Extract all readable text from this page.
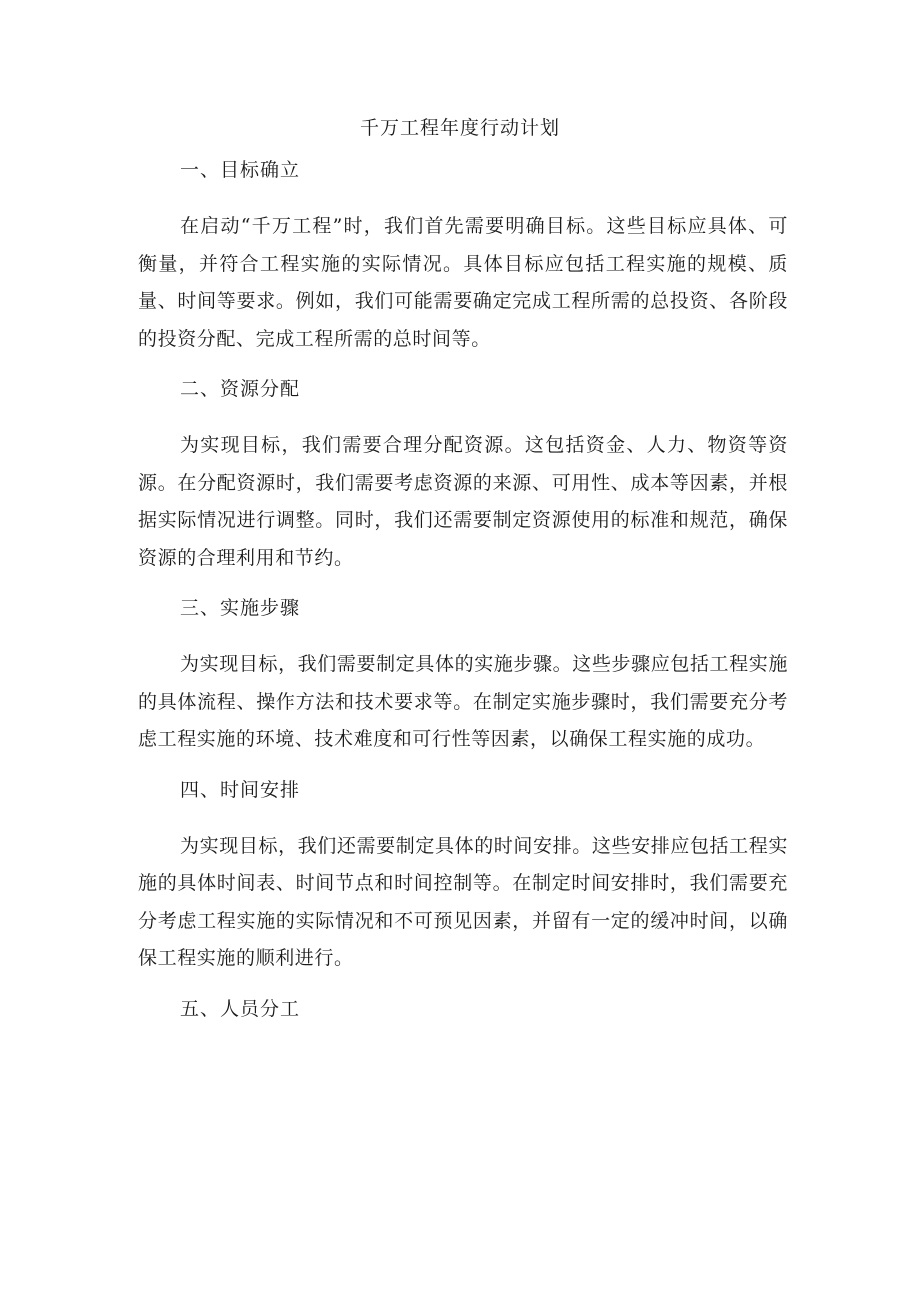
千万工程年度行动计划
一、目标确立

在启动“千万工程”时，我们首先需要明确目标。这些目标应具体、可衡量，并符合工程实施的实际情况。具体目标应包括工程实施的规模、质量、时间等要求。例如，我们可能需要确定完成工程所需的总投资、各阶段的投资分配、完成工程所需的总时间等。

二、资源分配

为实现目标，我们需要合理分配资源。这包括资金、人力、物资等资源。在分配资源时，我们需要考虑资源的来源、可用性、成本等因素，并根据实际情况进行调整。同时，我们还需要制定资源使用的标准和规范，确保资源的合理利用和节约。

三、实施步骤

为实现目标，我们需要制定具体的实施步骤。这些步骤应包括工程实施的具体流程、操作方法和技术要求等。在制定实施步骤时，我们需要充分考虑工程实施的环境、技术难度和可行性等因素，以确保工程实施的成功。

四、时间安排

为实现目标，我们还需要制定具体的时间安排。这些安排应包括工程实施的具体时间表、时间节点和时间控制等。在制定时间安排时，我们需要充分考虑工程实施的实际情况和不可预见因素，并留有一定的缓冲时间，以确保工程实施的顺利进行。

五、人员分工
